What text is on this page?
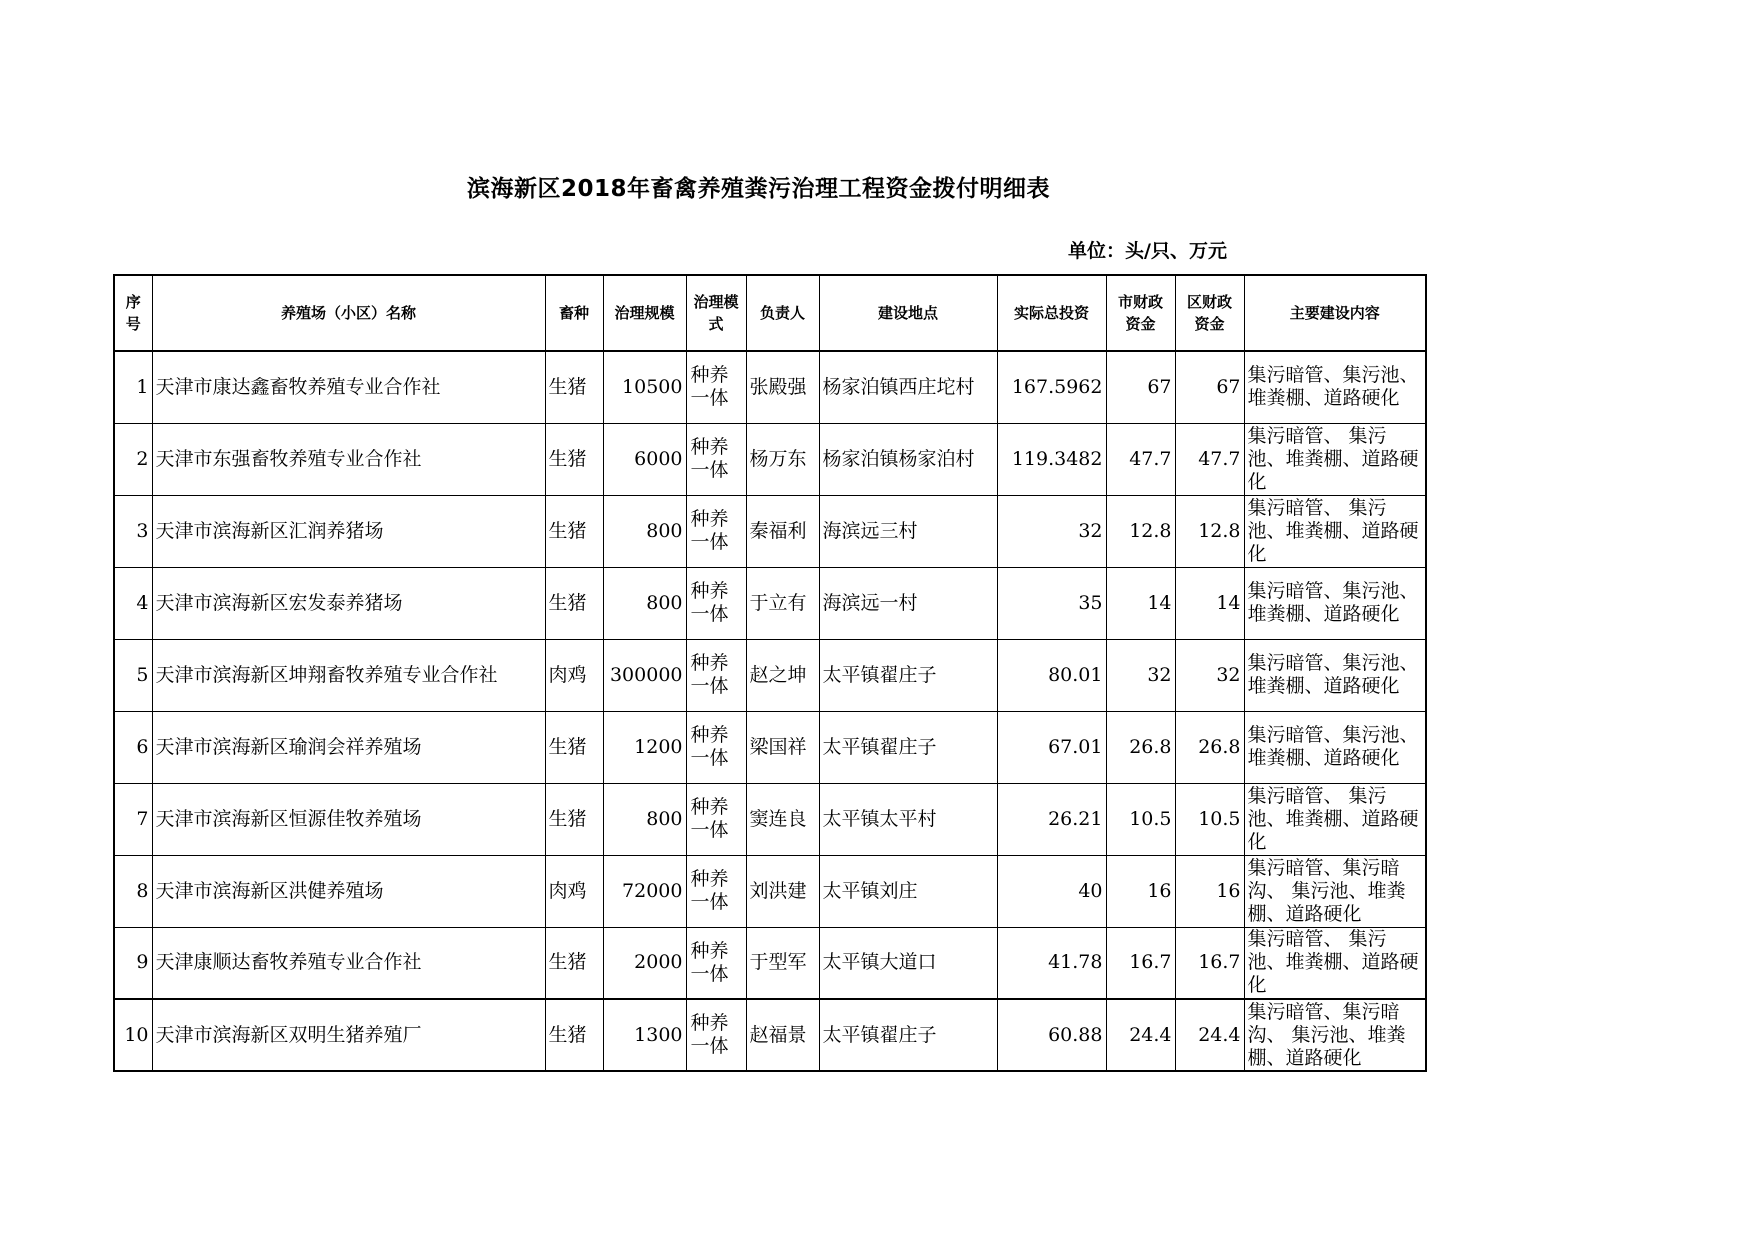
滨海新区2018年畜禽养殖粪污治理工程资金拨付明细表
单位：头/只、万元
序号	养殖场（小区）名称	畜种	治理规模	治理模式	负责人	建设地点	实际总投资	市财政资金	区财政资金	主要建设内容
1	天津市康达鑫畜牧养殖专业合作社	生猪	10500	种养一体	张殿强	杨家泊镇西庄坨村	167.5962	67	67	集污暗管、集污池、堆粪棚、道路硬化
2	天津市东强畜牧养殖专业合作社	生猪	6000	种养一体	杨万东	杨家泊镇杨家泊村	119.3482	47.7	47.7	集污暗管、 集污池、堆粪棚、道路硬化
3	天津市滨海新区汇润养猪场	生猪	800	种养一体	秦福利	海滨远三村	32	12.8	12.8	集污暗管、 集污池、堆粪棚、道路硬化
4	天津市滨海新区宏发泰养猪场	生猪	800	种养一体	于立有	海滨远一村	35	14	14	集污暗管、集污池、堆粪棚、道路硬化
5	天津市滨海新区坤翔畜牧养殖专业合作社	肉鸡	300000	种养一体	赵之坤	太平镇翟庄子	80.01	32	32	集污暗管、集污池、堆粪棚、道路硬化
6	天津市滨海新区瑜润会祥养殖场	生猪	1200	种养一体	梁国祥	太平镇翟庄子	67.01	26.8	26.8	集污暗管、集污池、堆粪棚、道路硬化
7	天津市滨海新区恒源佳牧养殖场	生猪	800	种养一体	窦连良	太平镇太平村	26.21	10.5	10.5	集污暗管、 集污池、堆粪棚、道路硬化
8	天津市滨海新区洪健养殖场	肉鸡	72000	种养一体	刘洪建	太平镇刘庄	40	16	16	集污暗管、集污暗沟、 集污池、堆粪棚、道路硬化
9	天津康顺达畜牧养殖专业合作社	生猪	2000	种养一体	于型军	太平镇大道口	41.78	16.7	16.7	集污暗管、 集污池、堆粪棚、道路硬化
10	天津市滨海新区双明生猪养殖厂	生猪	1300	种养一体	赵福景	太平镇翟庄子	60.88	24.4	24.4	集污暗管、集污暗沟、 集污池、堆粪棚、道路硬化
